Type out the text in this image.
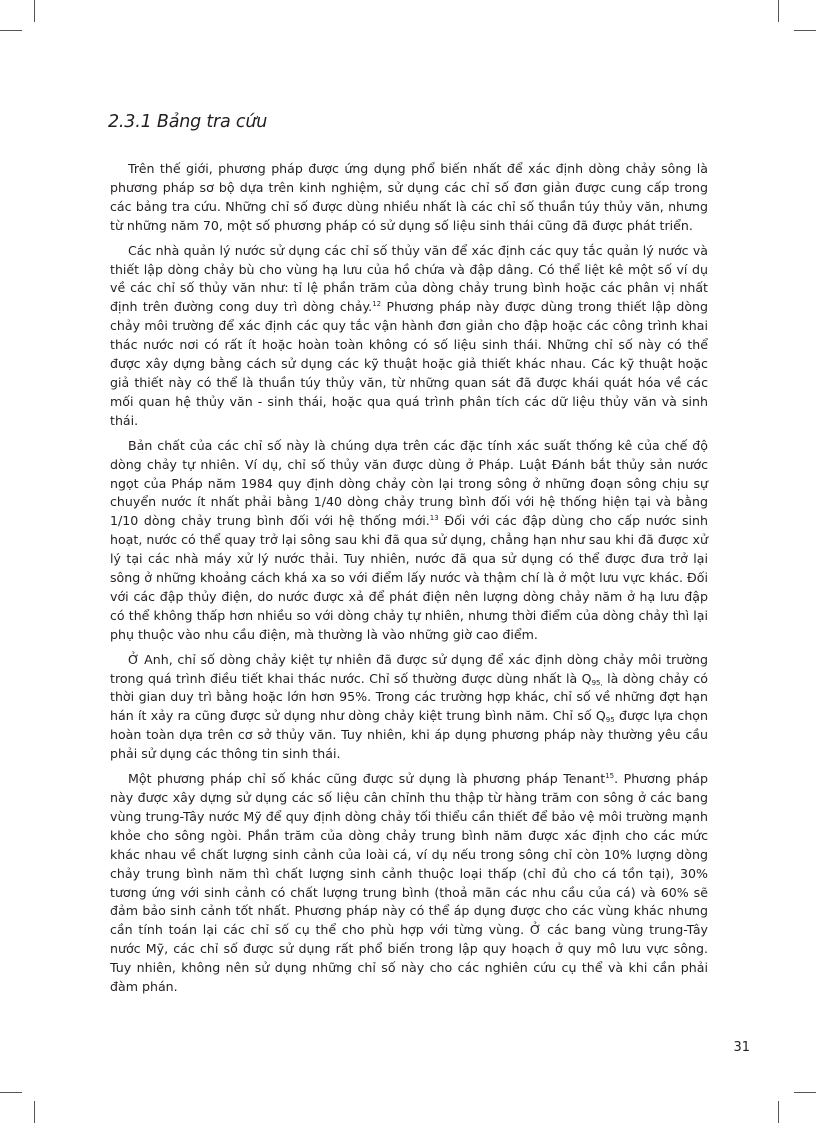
2.3.1 Bảng tra cứu

Trên thế giới, phương pháp được ứng dụng phổ biến nhất để xác định dòng chảy sông là phương pháp sơ bộ dựa trên kinh nghiệm, sử dụng các chỉ số đơn giản được cung cấp trong các bảng tra cứu. Những chỉ số được dùng nhiều nhất là các chỉ số thuần túy thủy văn, nhưng từ những năm 70, một số phương pháp có sử dụng số liệu sinh thái cũng đã được phát triển.

Các nhà quản lý nước sử dụng các chỉ số thủy văn để xác định các quy tắc quản lý nước và thiết lập dòng chảy bù cho vùng hạ lưu của hồ chứa và đập dâng. Có thể liệt kê một số ví dụ về các chỉ số thủy văn như: tỉ lệ phần trăm của dòng chảy trung bình hoặc các phân vị nhất định trên đường cong duy trì dòng chảy.$^{12}$ Phương pháp này được dùng trong thiết lập dòng chảy môi trường để xác định các quy tắc vận hành đơn giản cho đập hoặc các công trình khai thác nước nơi có rất ít hoặc hoàn toàn không có số liệu sinh thái. Những chỉ số này có thể được xây dựng bằng cách sử dụng các kỹ thuật hoặc giả thiết khác nhau. Các kỹ thuật hoặc giả thiết này có thể là thuần túy thủy văn, từ những quan sát đã được khái quát hóa về các mối quan hệ thủy văn - sinh thái, hoặc qua quá trình phân tích các dữ liệu thủy văn và sinh thái.

Bản chất của các chỉ số này là chúng dựa trên các đặc tính xác suất thống kê của chế độ dòng chảy tự nhiên. Ví dụ, chỉ số thủy văn được dùng ở Pháp. Luật Đánh bắt thủy sản nước ngọt của Pháp năm 1984 quy định dòng chảy còn lại trong sông ở những đoạn sông chịu sự chuyển nước ít nhất phải bằng 1/40 dòng chảy trung bình đối với hệ thống hiện tại và bằng 1/10 dòng chảy trung bình đối với hệ thống mới.$^{13}$ Đối với các đập dùng cho cấp nước sinh hoạt, nước có thể quay trở lại sông sau khi đã qua sử dụng, chẳng hạn như sau khi đã được xử lý tại các nhà máy xử lý nước thải. Tuy nhiên, nước đã qua sử dụng có thể được đưa trở lại sông ở những khoảng cách khá xa so với điểm lấy nước và thậm chí là ở một lưu vực khác. Đối với các đập thủy điện, do nước được xả để phát điện nên lượng dòng chảy năm ở hạ lưu đập có thể không thấp hơn nhiều so với dòng chảy tự nhiên, nhưng thời điểm của dòng chảy thì lại phụ thuộc vào nhu cầu điện, mà thường là vào những giờ cao điểm.

Ở Anh, chỉ số dòng chảy kiệt tự nhiên đã được sử dụng để xác định dòng chảy môi trường trong quá trình điều tiết khai thác nước. Chỉ số thường được dùng nhất là $Q_{95,}$ là dòng chảy có thời gian duy trì bằng hoặc lớn hơn 95%. Trong các trường hợp khác, chỉ số về những đợt hạn hán ít xảy ra cũng được sử dụng như dòng chảy kiệt trung bình năm. Chỉ số $Q_{95}$ được lựa chọn hoàn toàn dựa trên cơ sở thủy văn. Tuy nhiên, khi áp dụng phương pháp này thường yêu cầu phải sử dụng các thông tin sinh thái.

Một phương pháp chỉ số khác cũng được sử dụng là phương pháp Tenant$^{15}$. Phương pháp này được xây dựng sử dụng các số liệu cân chỉnh thu thập từ hàng trăm con sông ở các bang vùng trung-Tây nước Mỹ để quy định dòng chảy tối thiểu cần thiết để bảo vệ môi trường mạnh khỏe cho sông ngòi. Phần trăm của dòng chảy trung bình năm được xác định cho các mức khác nhau về chất lượng sinh cảnh của loài cá, ví dụ nếu trong sông chỉ còn 10% lượng dòng chảy trung bình năm thì chất lượng sinh cảnh thuộc loại thấp (chỉ đủ cho cá tồn tại), 30% tương ứng với sinh cảnh có chất lượng trung bình (thoả mãn các nhu cầu của cá) và 60% sẽ đảm bảo sinh cảnh tốt nhất. Phương pháp này có thể áp dụng được cho các vùng khác nhưng cần tính toán lại các chỉ số cụ thể cho phù hợp với từng vùng. Ở các bang vùng trung-Tây nước Mỹ, các chỉ số được sử dụng rất phổ biến trong lập quy hoạch ở quy mô lưu vực sông. Tuy nhiên, không nên sử dụng những chỉ số này cho các nghiên cứu cụ thể và khi cần phải đàm phán.

31
